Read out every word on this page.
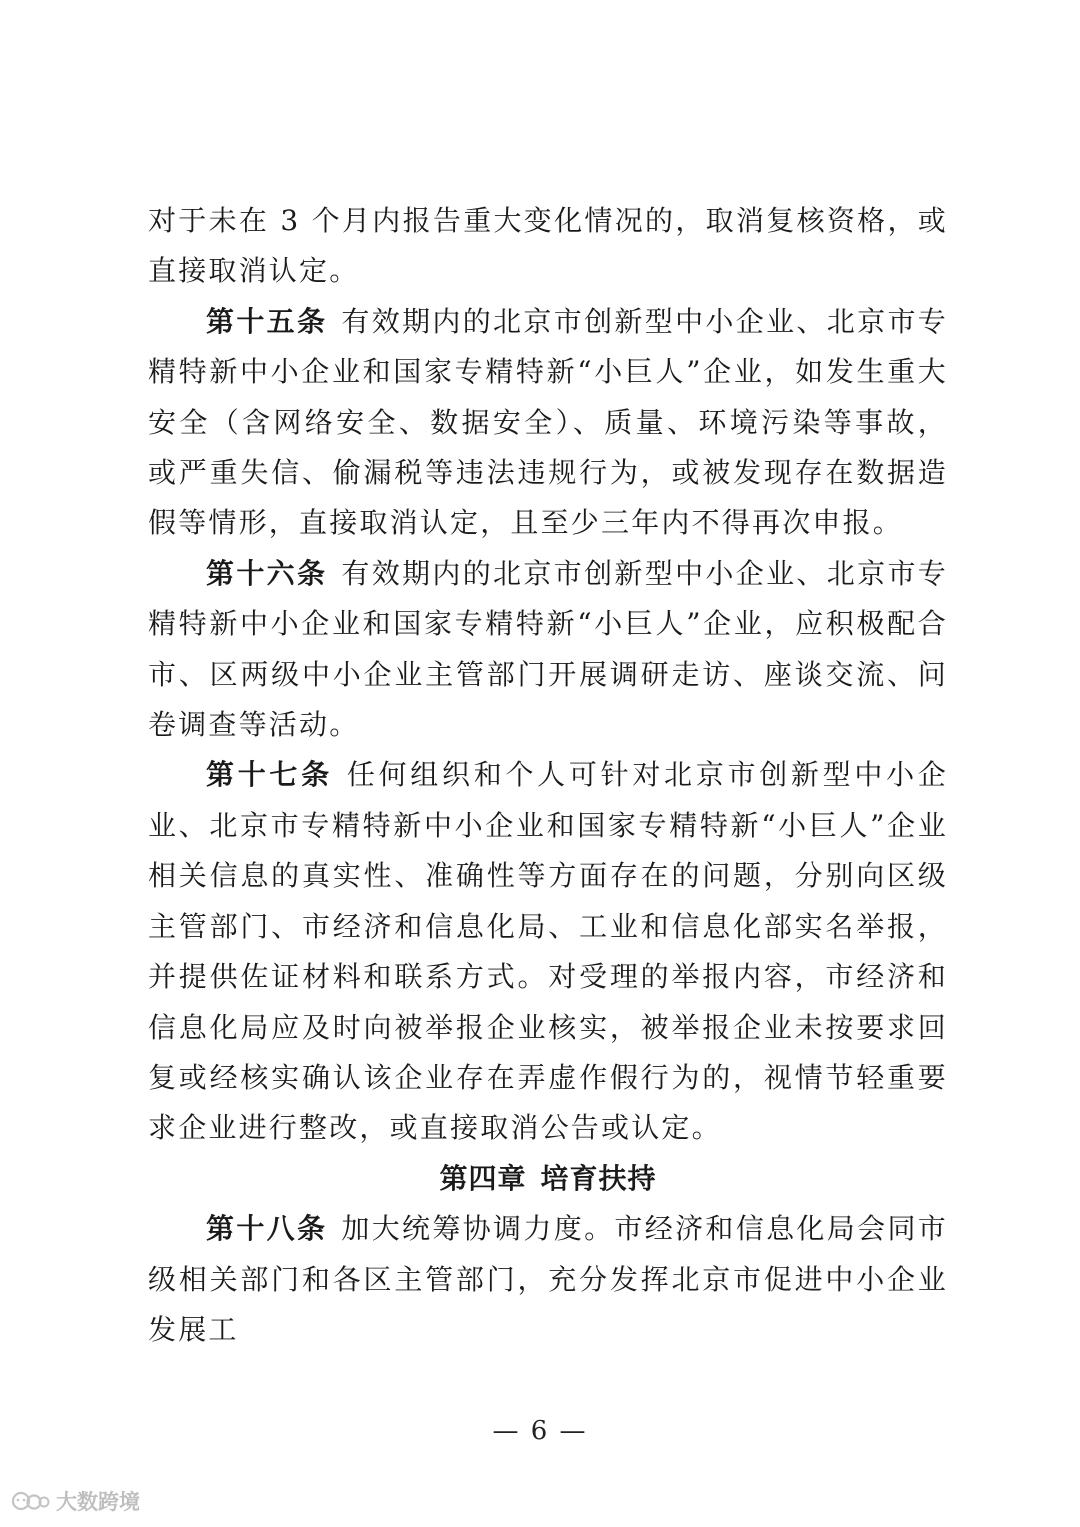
对于未在 3 个月内报告重大变化情况的，取消复核资格，或直接取消认定。

第十五条 有效期内的北京市创新型中小企业、北京市专精特新中小企业和国家专精特新“小巨人”企业，如发生重大安全（含网络安全、数据安全）、质量、环境污染等事故，或严重失信、偷漏税等违法违规行为，或被发现存在数据造假等情形，直接取消认定，且至少三年内不得再次申报。

第十六条 有效期内的北京市创新型中小企业、北京市专精特新中小企业和国家专精特新“小巨人”企业，应积极配合市、区两级中小企业主管部门开展调研走访、座谈交流、问卷调查等活动。

第十七条 任何组织和个人可针对北京市创新型中小企业、北京市专精特新中小企业和国家专精特新“小巨人”企业相关信息的真实性、准确性等方面存在的问题，分别向区级主管部门、市经济和信息化局、工业和信息化部实名举报，并提供佐证材料和联系方式。对受理的举报内容，市经济和信息化局应及时向被举报企业核实，被举报企业未按要求回复或经核实确认该企业存在弄虚作假行为的，视情节轻重要求企业进行整改，或直接取消公告或认定。

第四章 培育扶持

第十八条 加大统筹协调力度。市经济和信息化局会同市级相关部门和各区主管部门，充分发挥北京市促进中小企业发展工

— 6 —
大数跨境
